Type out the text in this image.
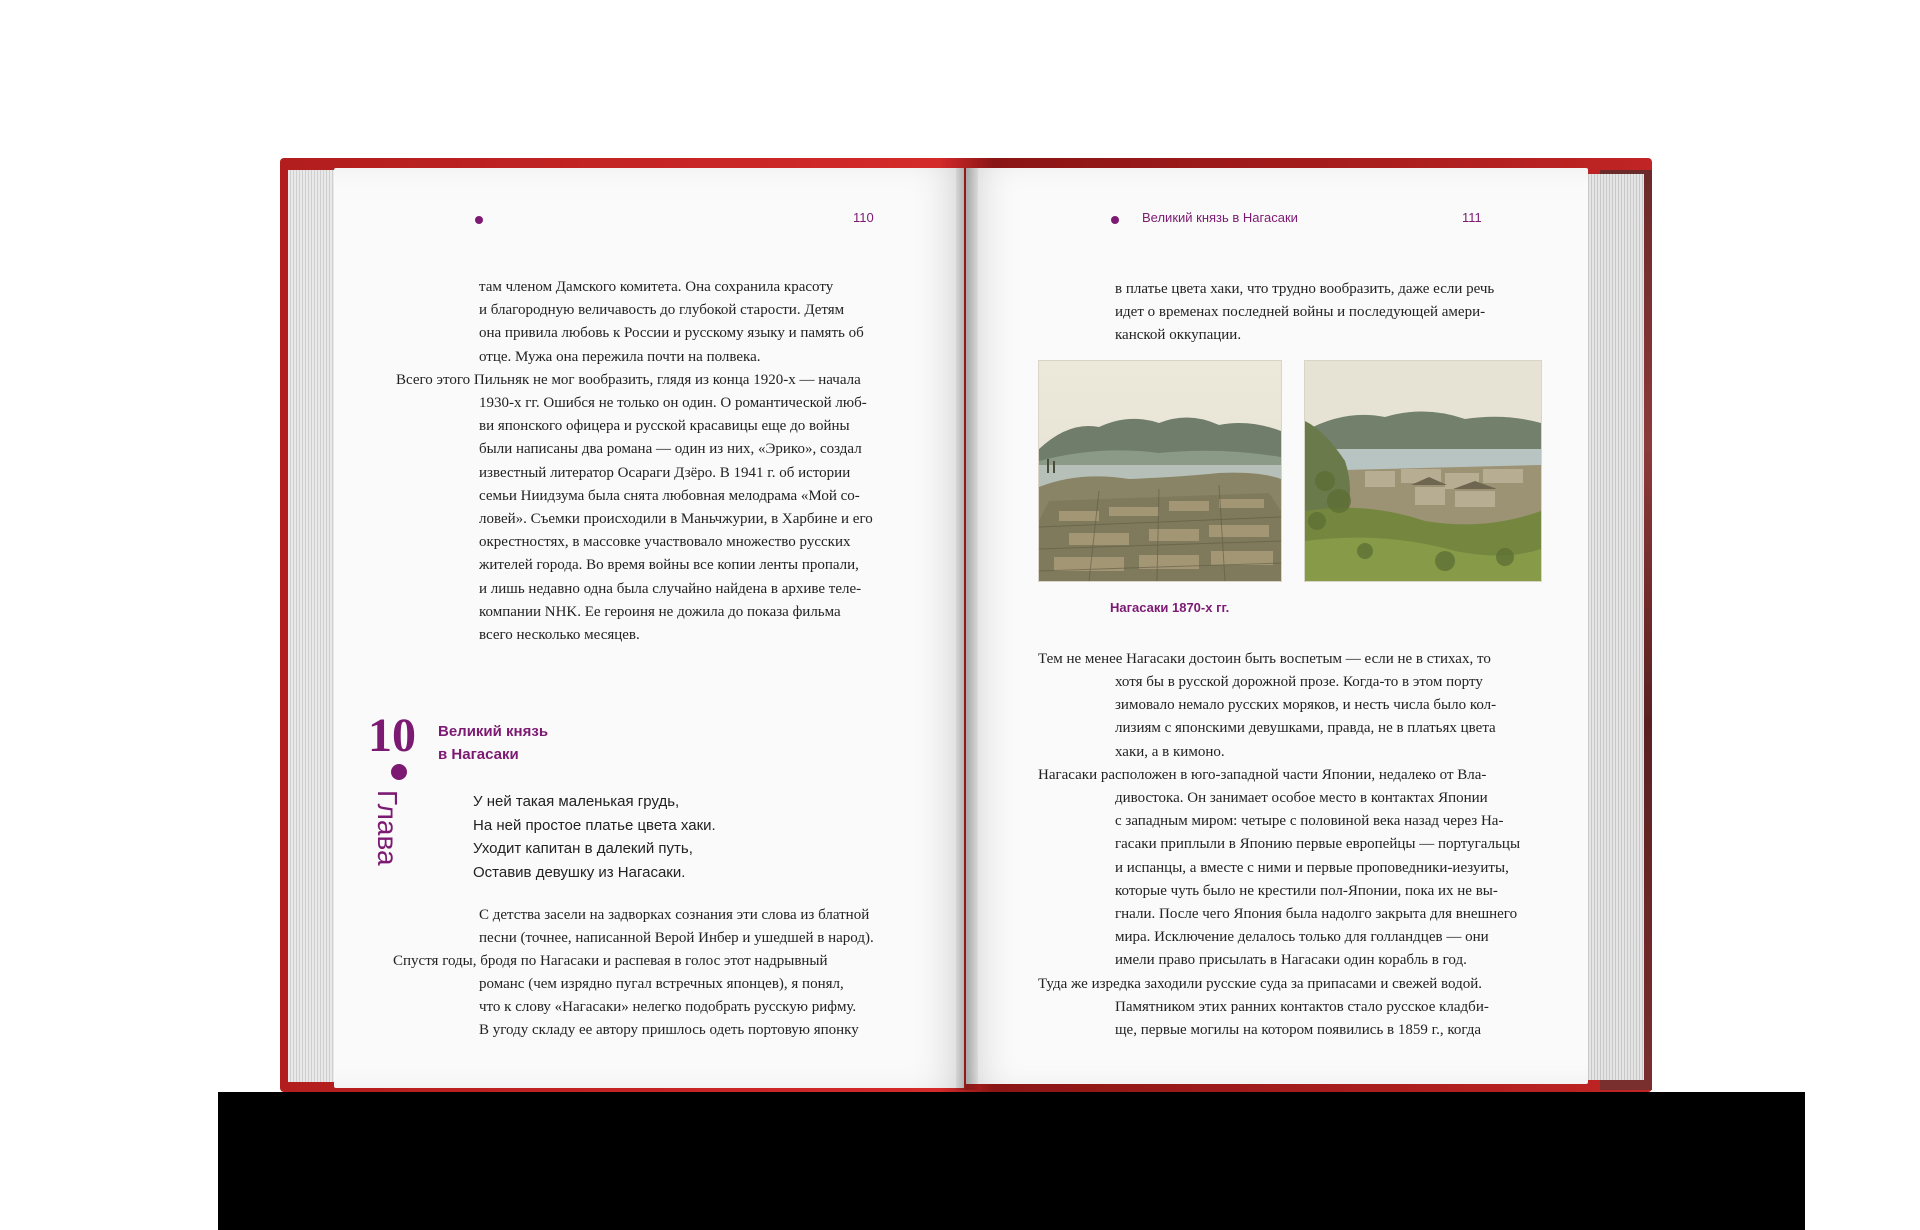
110
там членом Дамского комитета. Она сохранила красоту
и благородную величавость до глубокой старости. Детям
она привила любовь к России и русскому языку и память об
отце. Мужа она пережила почти на полвека.
Всего этого Пильняк не мог вообразить, глядя из конца 1920-х — начала
1930-х гг. Ошибся не только он один. О романтической люб-
ви японского офицера и русской красавицы еще до войны
были написаны два романа — один из них, «Эрико», создал
известный литератор Осараги Дзёро. В 1941 г. об истории
семьи Ниидзума была снята любовная мелодрама «Мой со-
ловей». Съемки происходили в Маньчжурии, в Харбине и его
окрестностях, в массовке участвовало множество русских
жителей города. Во время войны все копии ленты пропали,
и лишь недавно одна была случайно найдена в архиве теле-
компании NHK. Ее героиня не дожила до показа фильма
всего несколько месяцев.
10
Глава
Великий князь
в Нагасаки
У ней такая маленькая грудь,
На ней простое платье цвета хаки.
Уходит капитан в далекий путь,
Оставив девушку из Нагасаки.
С детства засели на задворках сознания эти слова из блатной
песни (точнее, написанной Верой Инбер и ушедшей в народ).
Спустя годы, бродя по Нагасаки и распевая в голос этот надрывный
романс (чем изрядно пугал встречных японцев), я понял,
что к слову «Нагасаки» нелегко подобрать русскую рифму.
В угоду складу ее автору пришлось одеть портовую японку
Великий князь в Нагасаки	111
в платье цвета хаки, что трудно вообразить, даже если речь
идет о временах последней войны и последующей амери-
канской оккупации.
Нагасаки 1870-х гг.
Тем не менее Нагасаки достоин быть воспетым — если не в стихах, то
хотя бы в русской дорожной прозе. Когда-то в этом порту
зимовало немало русских моряков, и несть числа было кол-
лизиям с японскими девушками, правда, не в платьях цвета
хаки, а в кимоно.
Нагасаки расположен в юго-западной части Японии, недалеко от Вла-
дивостока. Он занимает особое место в контактах Японии
с западным миром: четыре с половиной века назад через На-
гасаки приплыли в Японию первые европейцы — португальцы
и испанцы, а вместе с ними и первые проповедники-иезуиты,
которые чуть было не крестили пол-Японии, пока их не вы-
гнали. После чего Япония была надолго закрыта для внешнего
мира. Исключение делалось только для голландцев — они
имели право присылать в Нагасаки один корабль в год.
Туда же изредка заходили русские суда за припасами и свежей водой.
Памятником этих ранних контактов стало русское кладби-
ще, первые могилы на котором появились в 1859 г., когда
